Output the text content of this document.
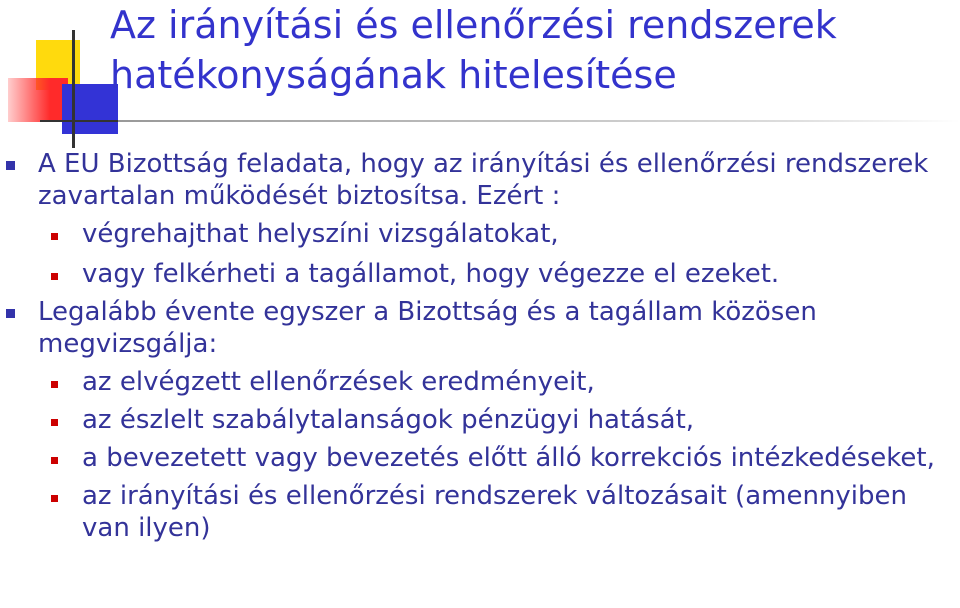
Az irányítási és ellenőrzési rendszerek
hatékonyságának hitelesítése

A EU Bizottság feladata, hogy az irányítási és ellenőrzési rendszerek zavartalan működését biztosítsa. Ezért :

végrehajthat helyszíni vizsgálatokat,

vagy felkérheti a tagállamot, hogy végezze el ezeket.

Legalább évente egyszer a Bizottság és a tagállam közösen megvizsgálja:

az elvégzett ellenőrzések eredményeit,

az észlelt szabálytalanságok pénzügyi hatását,

a bevezetett vagy bevezetés előtt álló korrekciós intézkedéseket,

az irányítási és ellenőrzési rendszerek változásait (amennyiben van ilyen)
